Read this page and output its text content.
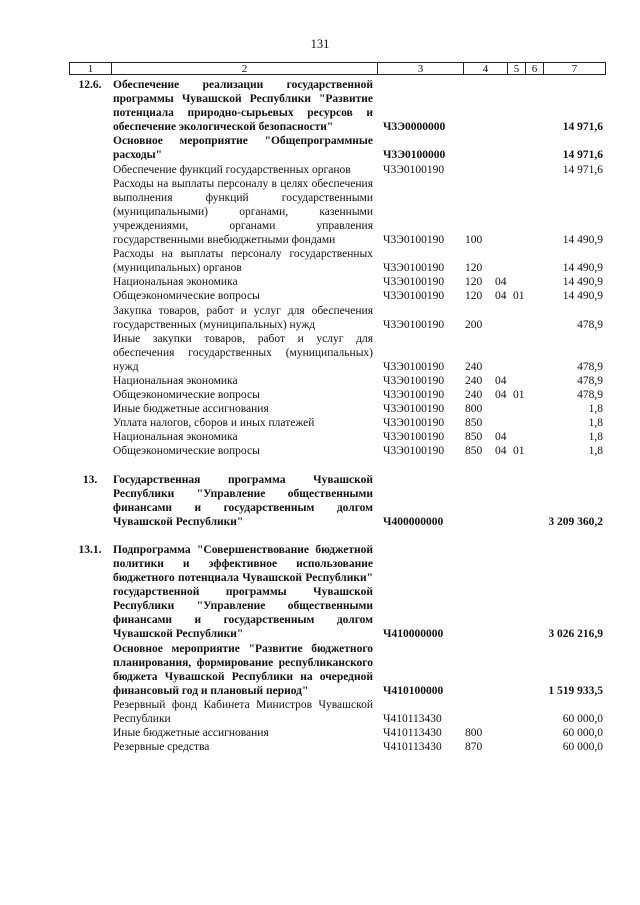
131
1	2	3	4	5	6	7
12.6.	Обеспечение реализации государственной программы Чувашской Республики "Развитие потенциала природно-сырьевых ресурсов и обеспечение экологической безопасности"	Ч3Э0000000	14 971,6
Основное мероприятие "Общепрограммные расходы"	Ч3Э0100000	14 971,6
Обеспечение функций государственных органов	Ч3Э0100190	14 971,6
Расходы на выплаты персоналу в целях обеспечения выполнения функций государственными (муниципальными) органами, казенными учреждениями, органами управления государственными внебюджетными фондами	Ч3Э0100190	100	14 490,9
Расходы на выплаты персоналу государственных (муниципальных) органов	Ч3Э0100190	120	14 490,9
Национальная экономика	Ч3Э0100190	120	04	14 490,9
Общеэкономические вопросы	Ч3Э0100190	120	04 01	14 490,9
Закупка товаров, работ и услуг для обеспечения государственных (муниципальных) нужд	Ч3Э0100190	200	478,9
Иные закупки товаров, работ и услуг для обеспечения государственных (муниципальных) нужд	Ч3Э0100190	240	478,9
Национальная экономика	Ч3Э0100190	240	04	478,9
Общеэкономические вопросы	Ч3Э0100190	240	04 01	478,9
Иные бюджетные ассигнования	Ч3Э0100190	800	1,8
Уплата налогов, сборов и иных платежей	Ч3Э0100190	850	1,8
Национальная экономика	Ч3Э0100190	850	04	1,8
Общеэкономические вопросы	Ч3Э0100190	850	04 01	1,8
13.	Государственная программа Чувашской Республики "Управление общественными финансами и государственным долгом Чувашской Республики"	Ч400000000	3 209 360,2
13.1.	Подпрограмма "Совершенствование бюджетной политики и эффективное использование бюджетного потенциала Чувашской Республики" государственной программы Чувашской Республики "Управление общественными финансами и государственным долгом Чувашской Республики"	Ч410000000	3 026 216,9
Основное мероприятие "Развитие бюджетного планирования, формирование республиканского бюджета Чувашской Республики на очередной финансовый год и плановый период"	Ч410100000	1 519 933,5
Резервный фонд Кабинета Министров Чувашской Республики	Ч410113430	60 000,0
Иные бюджетные ассигнования	Ч410113430	800	60 000,0
Резервные средства	Ч410113430	870	60 000,0
